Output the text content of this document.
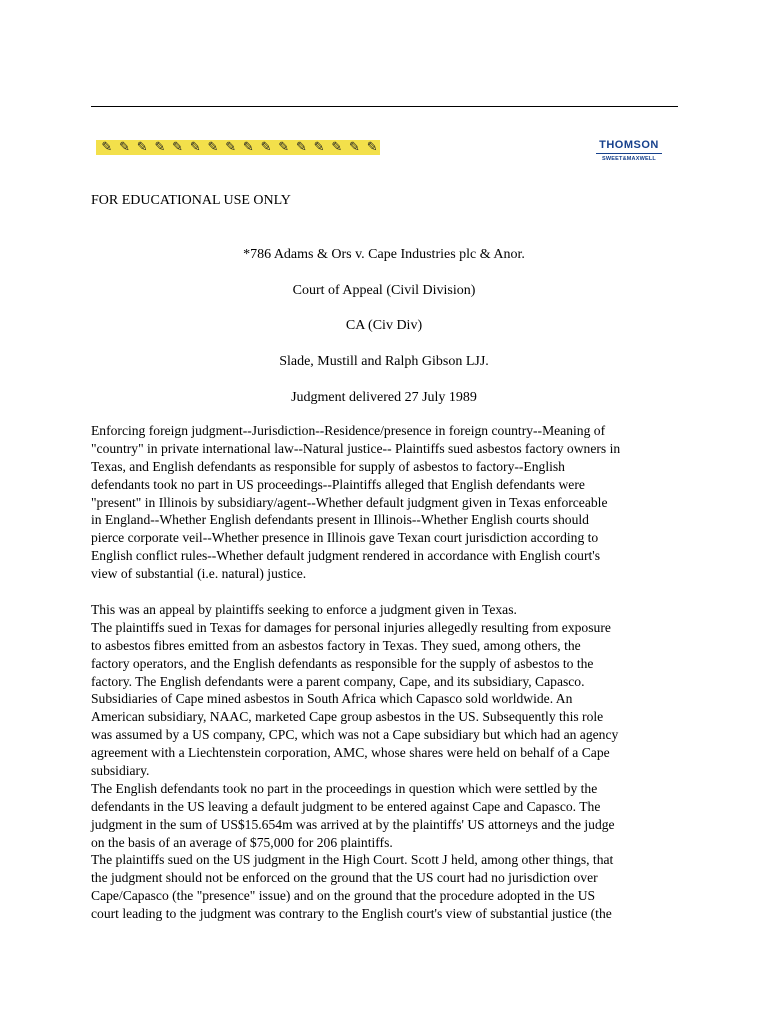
✎ ✎ ✎ ✎ ✎ ✎ ✎ ✎ ✎ ✎ ✎ ✎ ✎ ✎ ✎ ✎	THOMSON
SWEET&MAXWELL
FOR EDUCATIONAL USE ONLY
*786 Adams & Ors v. Cape Industries plc & Anor.
Court of Appeal (Civil Division)
CA (Civ Div)
Slade, Mustill and Ralph Gibson LJJ.
Judgment delivered 27 July 1989
Enforcing foreign judgment--Jurisdiction--Residence/presence in foreign country--Meaning of
"country" in private international law--Natural justice-- Plaintiffs sued asbestos factory owners in
Texas, and English defendants as responsible for supply of asbestos to factory--English
defendants took no part in US proceedings--Plaintiffs alleged that English defendants were
"present" in Illinois by subsidiary/agent--Whether default judgment given in Texas enforceable
in England--Whether English defendants present in Illinois--Whether English courts should
pierce corporate veil--Whether presence in Illinois gave Texan court jurisdiction according to
English conflict rules--Whether default judgment rendered in accordance with English court's
view of substantial (i.e. natural) justice.
This was an appeal by plaintiffs seeking to enforce a judgment given in Texas.
The plaintiffs sued in Texas for damages for personal injuries allegedly resulting from exposure
to asbestos fibres emitted from an asbestos factory in Texas. They sued, among others, the
factory operators, and the English defendants as responsible for the supply of asbestos to the
factory. The English defendants were a parent company, Cape, and its subsidiary, Capasco.
Subsidiaries of Cape mined asbestos in South Africa which Capasco sold worldwide. An
American subsidiary, NAAC, marketed Cape group asbestos in the US. Subsequently this role
was assumed by a US company, CPC, which was not a Cape subsidiary but which had an agency
agreement with a Liechtenstein corporation, AMC, whose shares were held on behalf of a Cape
subsidiary.
The English defendants took no part in the proceedings in question which were settled by the
defendants in the US leaving a default judgment to be entered against Cape and Capasco. The
judgment in the sum of US$15.654m was arrived at by the plaintiffs' US attorneys and the judge
on the basis of an average of $75,000 for 206 plaintiffs.
The plaintiffs sued on the US judgment in the High Court. Scott J held, among other things, that
the judgment should not be enforced on the ground that the US court had no jurisdiction over
Cape/Capasco (the "presence" issue) and on the ground that the procedure adopted in the US
court leading to the judgment was contrary to the English court's view of substantial justice (the
